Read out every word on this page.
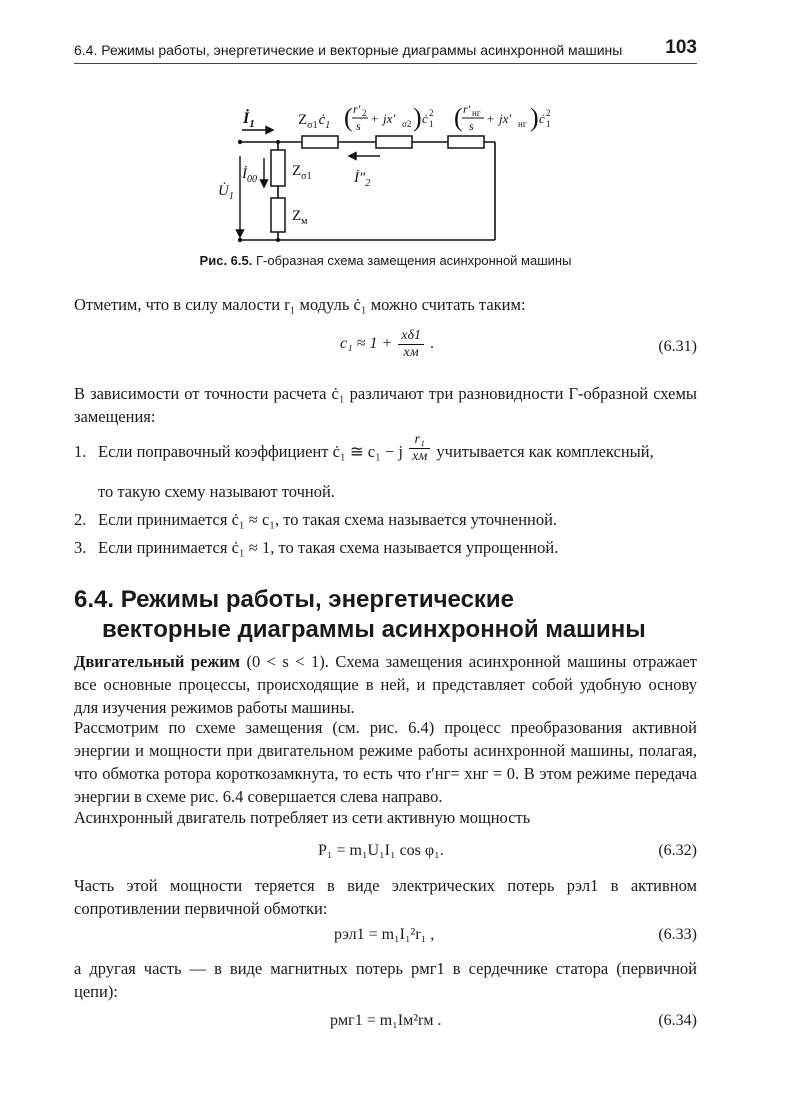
6.4. Режимы работы, энергетические и векторные диаграммы асинхронной машины 103
$İ_1$
$İ_{00}$
$U̇_1$
$Z_{\sigma 1}$
$Z_м$
$Z_{\sigma 1}ċ_1$
$İ''_2$
( r′ 2
s + jx′ σ2 ) ċ 2
1 ( r′ нг
s + jx′ нг ) ċ 2
1
Рис. 6.5. Г-образная схема замещения асинхронной машины

Отметим, что в силу малости r₁ модуль ċ₁ можно считать таким:

$c_1 \approx 1 + \frac{x\delta 1}{xм}$ .	(6.31)

В зависимости от точности расчета ċ₁ различают три разновидности Г-образной схемы замещения:

1. Если поправочный коэффициент ċ₁ ≅ c₁ − j $\frac{\text{r₁}}{xм}$ учитывается как комплексный,
то такую схему называют точной.
2. Если принимается ċ₁ ≈ c₁, то такая схема называется уточненной.
3. Если принимается ċ₁ ≈ 1, то такая схема называется упрощенной.
6.4. Режимы работы, энергетические
векторные диаграммы асинхронной машины

Двигательный режим (0 < s < 1). Схема замещения асинхронной машины отражает все основные процессы, происходящие в ней, и представляет собой удобную основу для изучения режимов работы машины.

Рассмотрим по схеме замещения (см. рис. 6.4) процесс преобразования активной энергии и мощности при двигательном режиме работы асинхронной машины, полагая, что обмотка ротора короткозамкнута, то есть что r′нг= xнг = 0. В этом режиме передача энергии в схеме рис. 6.4 совершается слева направо.

Асинхронный двигатель потребляет из сети активную мощность

P₁ = m₁U₁I₁ cos φ₁.	(6.32)

Часть этой мощности теряется в виде электрических потерь pэл1 в активном сопротивлении первичной обмотки:

pэл1 = m₁I₁²r₁ ,	(6.33)

а другая часть — в виде магнитных потерь pмг1 в сердечнике статора (первичной цепи):

pмг1 = m₁Iм²rм .	(6.34)
